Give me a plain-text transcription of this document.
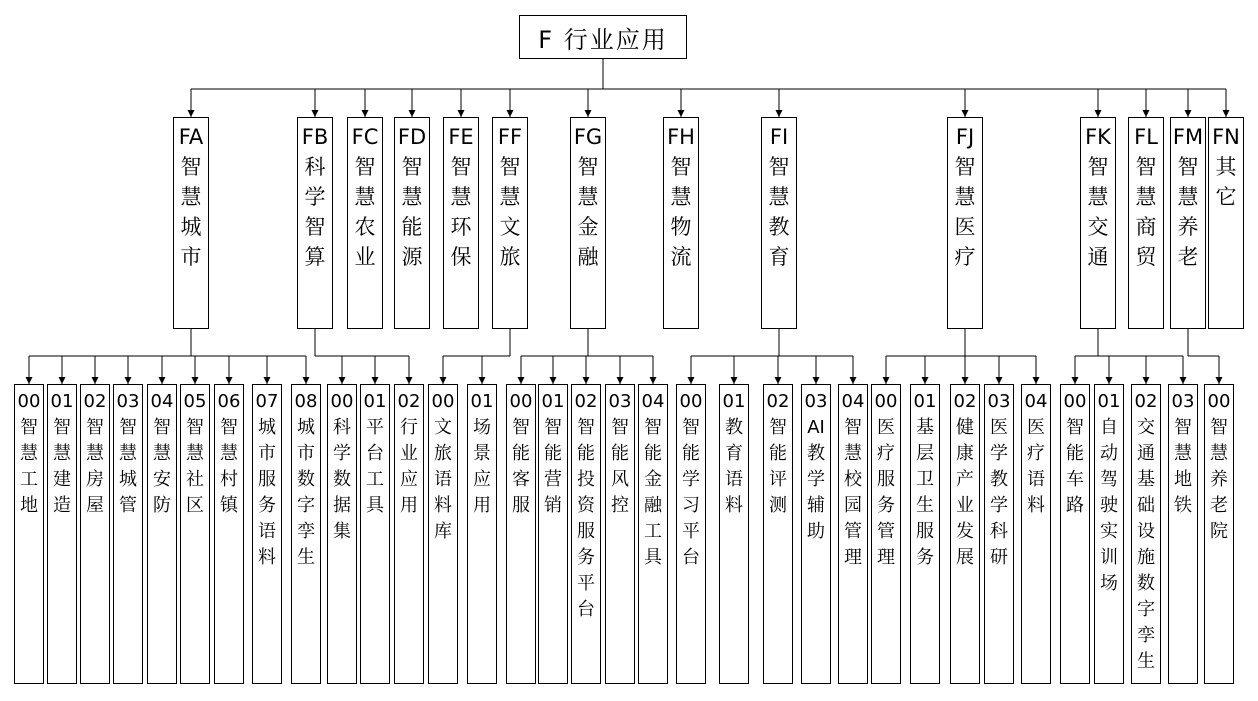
F 行业应用
FA
智慧城市
00
智慧工地
01
智慧建造
02
智慧房屋
03
智慧城管
04
智慧安防
05
智慧社区
06
智慧村镇
07
城市服务语料
08
城市数字孪生
FB
科学智算
00
科学数据集
01
平台工具
02
行业应用
FC
智慧农业
FD
智慧能源
FE
智慧环保
FF
智慧文旅
00
文旅语料库
01
场景应用
FG
智慧金融
00
智能客服
01
智能营销
02
智能投资服务平台
03
智能风控
04
智能金融工具
FH
智慧物流
FI
智慧教育
00
智能学习平台
01
教育语料
02
智能评测
03
AI教学辅助
04
智慧校园管理
FJ
智慧医疗
00
医疗服务管理
01
基层卫生服务
02
健康产业发展
03
医学教学科研
04
医疗语料
FK
智慧交通
00
智能车路
01
自动驾驶实训场
02
交通基础设施数字孪生
03
智慧地铁
FL
智慧商贸
FM
智慧养老
00
智慧养老院
FN
其它
